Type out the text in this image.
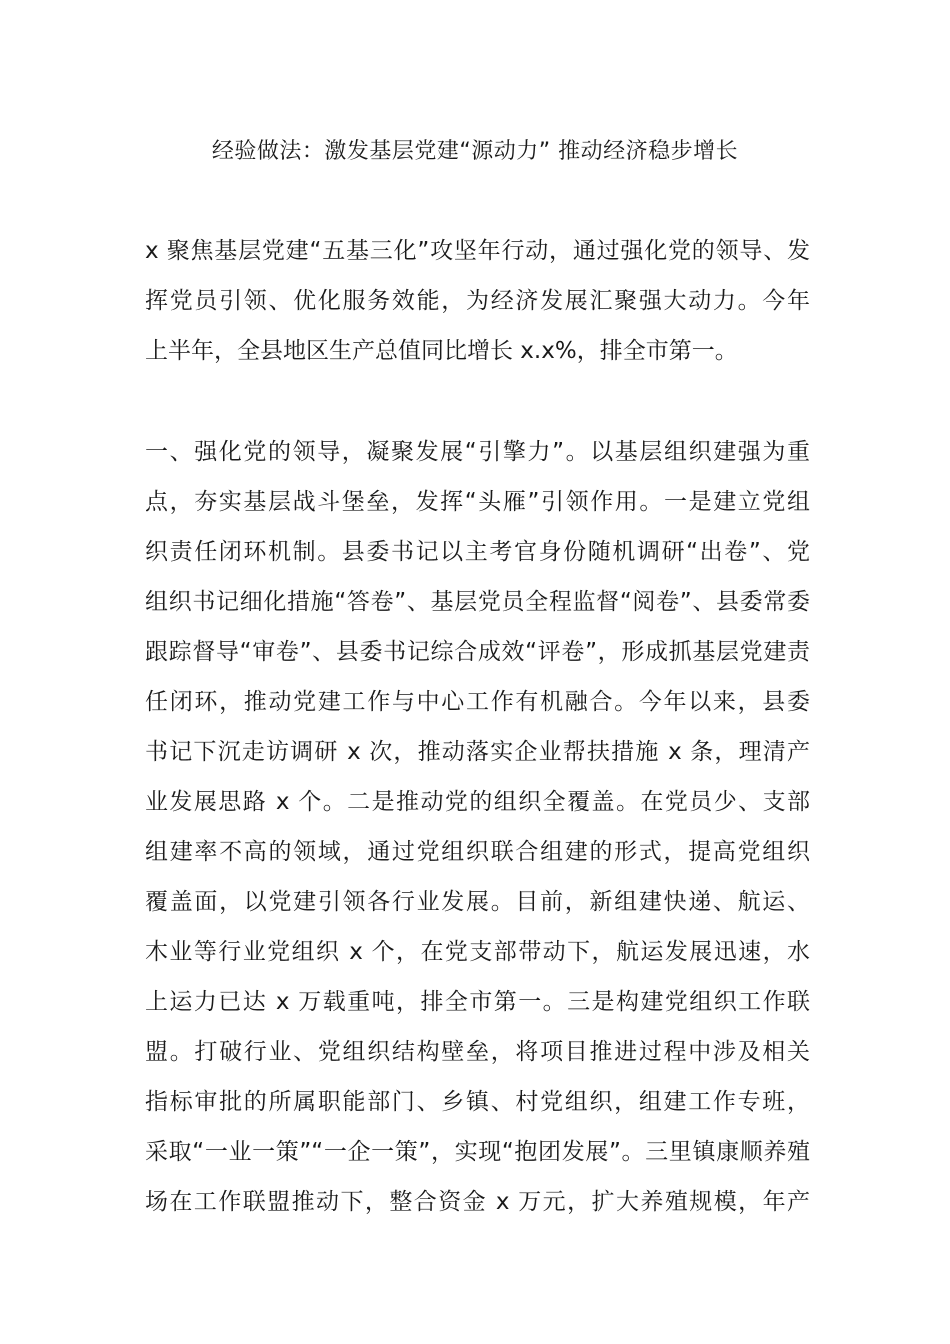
经验做法：激发基层党建“源动力” 推动经济稳步增长

x 聚焦基层党建“五基三化”攻坚年行动，通过强化党的领导、发
挥党员引领、优化服务效能，为经济发展汇聚强大动力。今年
上半年，全县地区生产总值同比增长 x.x%，排全市第一。

一、强化党的领导，凝聚发展“引擎力”。以基层组织建强为重
点，夯实基层战斗堡垒，发挥“头雁”引领作用。一是建立党组
织责任闭环机制。县委书记以主考官身份随机调研“出卷”、党
组织书记细化措施“答卷”、基层党员全程监督“阅卷”、县委常委
跟踪督导“审卷”、县委书记综合成效“评卷”，形成抓基层党建责
任闭环，推动党建工作与中心工作有机融合。今年以来，县委
书记下沉走访调研 x 次，推动落实企业帮扶措施 x 条，理清产
业发展思路 x 个。二是推动党的组织全覆盖。在党员少、支部
组建率不高的领域，通过党组织联合组建的形式，提高党组织
覆盖面，以党建引领各行业发展。目前，新组建快递、航运、
木业等行业党组织 x 个，在党支部带动下，航运发展迅速，水
上运力已达 x 万载重吨，排全市第一。三是构建党组织工作联
盟。打破行业、党组织结构壁垒，将项目推进过程中涉及相关
指标审批的所属职能部门、乡镇、村党组织，组建工作专班，
采取“一业一策”“一企一策”，实现“抱团发展”。三里镇康顺养殖
场在工作联盟推动下，整合资金 x 万元，扩大养殖规模，年产
